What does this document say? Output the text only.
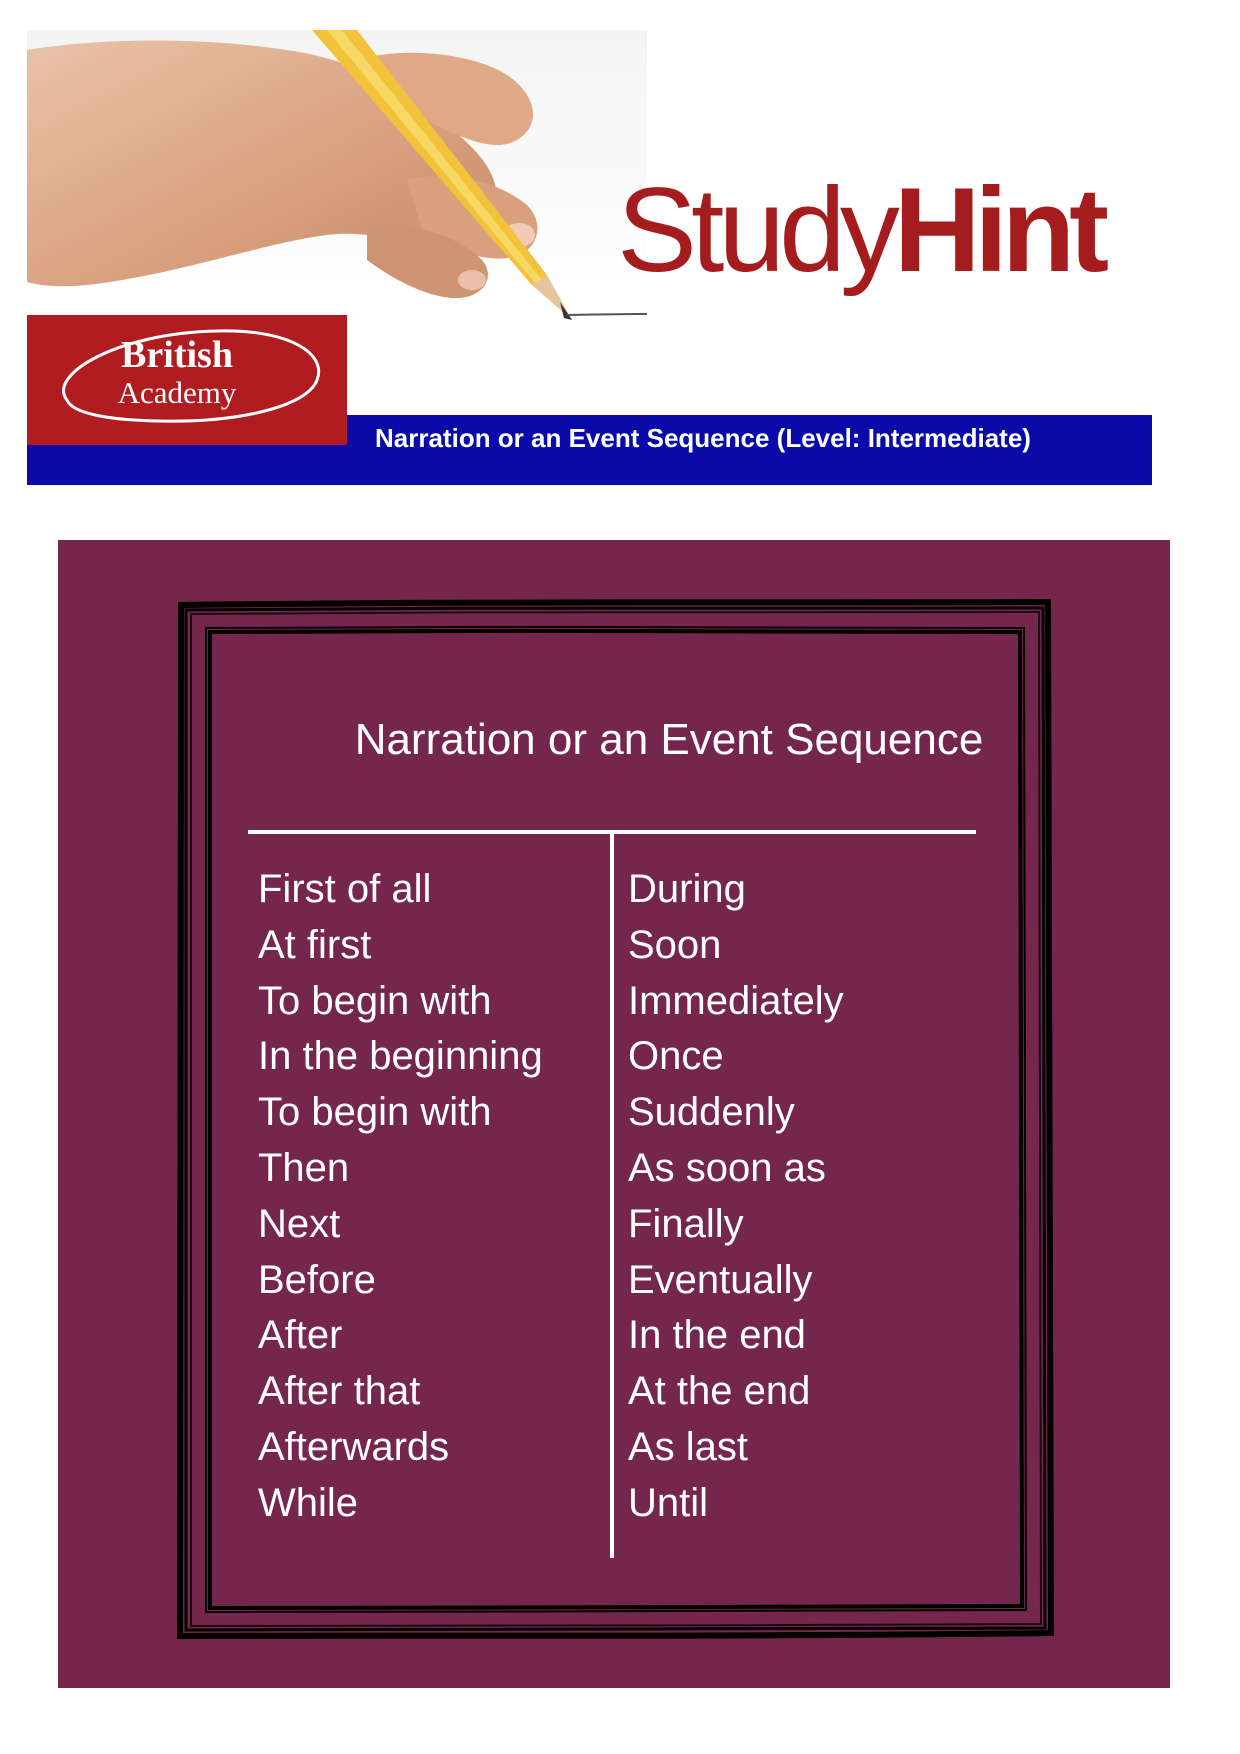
StudyHint
British
Academy
Narration or an Event Sequence (Level: Intermediate)
Narration or an Event Sequence
First of all
At first
To begin with
In the beginning
To begin with
Then
Next
Before
After
After that
Afterwards
While
During
Soon
Immediately
Once
Suddenly
As soon as
Finally
Eventually
In the end
At the end
As last
Until
